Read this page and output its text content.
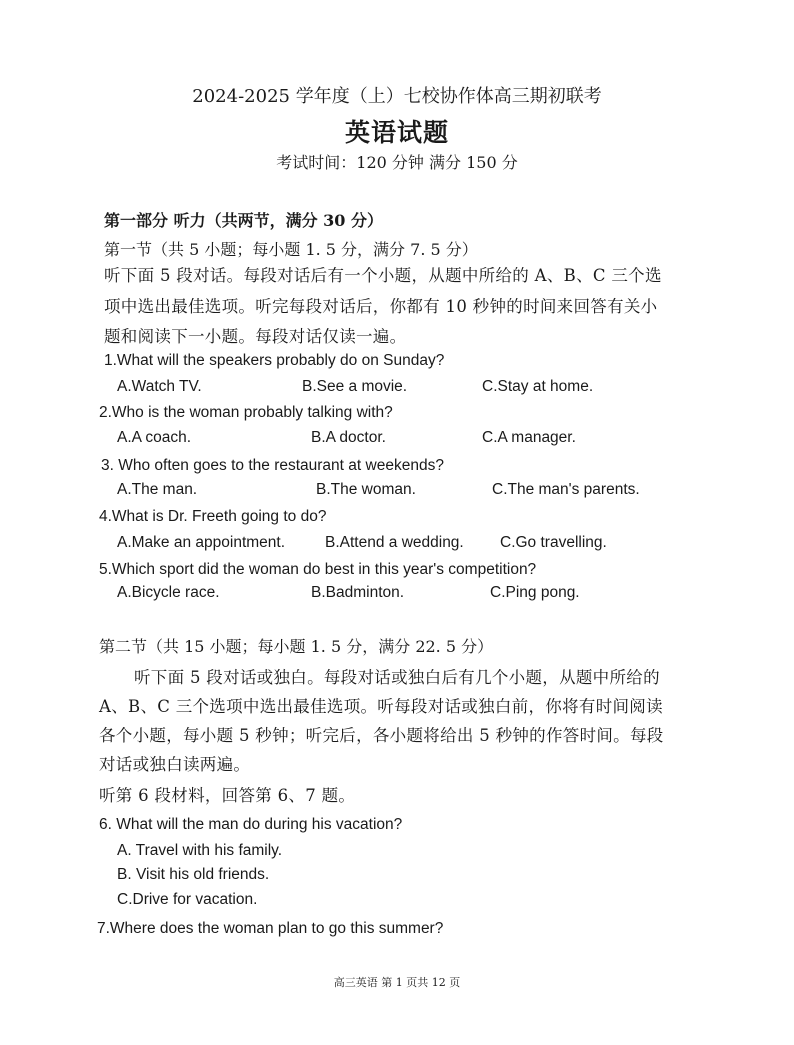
2024-2025 学年度（上）七校协作体高三期初联考
英语试题
考试时间：120 分钟 满分 150 分
第一部分 听力（共两节，满分 30 分）
第一节（共 5 小题；每小题 1. 5 分，满分 7. 5 分）
听下面 5 段对话。每段对话后有一个小题，从题中所给的 A、B、C 三个选
项中选出最佳选项。听完每段对话后，你都有 10 秒钟的时间来回答有关小
题和阅读下一小题。每段对话仅读一遍。
1.What will the speakers probably do on Sunday?
A.Watch TV.	B.See a movie.	C.Stay at home.
2.Who is the woman probably talking with?
A.A coach.	B.A doctor.	C.A manager.
3. Who often goes to the restaurant at weekends?
A.The man.	B.The woman.	C.The man's parents.
4.What is Dr. Freeth going to do?
A.Make an appointment.	B.Attend a wedding. C.Go travelling.
5.Which sport did the woman do best in this year's competition?
A.Bicycle race.	B.Badminton.	C.Ping pong.
第二节（共 15 小题；每小题 1. 5 分，满分 22. 5 分）
听下面 5 段对话或独白。每段对话或独白后有几个小题，从题中所给的
A、B、C 三个选项中选出最佳选项。听每段对话或独白前，你将有时间阅读
各个小题，每小题 5 秒钟；听完后，各小题将给出 5 秒钟的作答时间。每段
对话或独白读两遍。
听第 6 段材料，回答第 6、7 题。
6. What will the man do during his vacation?
A. Travel with his family.
B. Visit his old friends.
C.Drive for vacation.
7.Where does the woman plan to go this summer?
高三英语 第 1 页共 12 页
